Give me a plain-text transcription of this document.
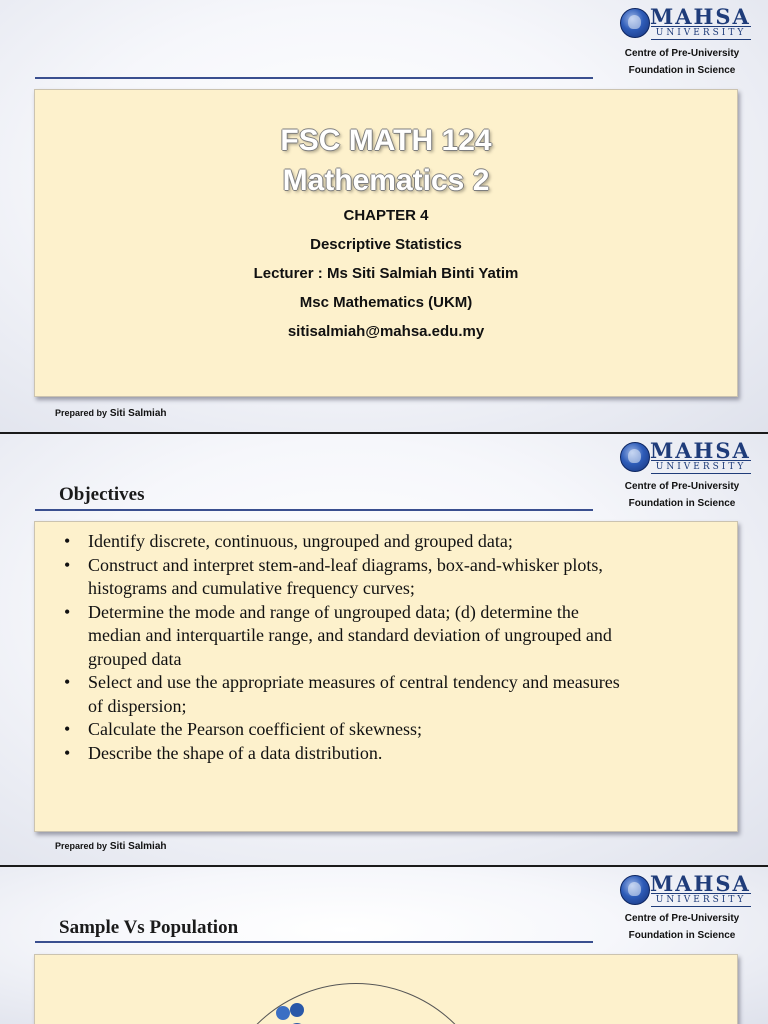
MAHSA
UNIVERSITY
Centre of Pre-University
Foundation in Science
FSC MATH 124
Mathematics 2
CHAPTER 4
Descriptive Statistics
Lecturer : Ms Siti Salmiah Binti Yatim
Msc Mathematics (UKM)
sitisalmiah@mahsa.edu.my
Prepared by Siti Salmiah
MAHSA
UNIVERSITY
Centre of Pre-University
Foundation in Science
Objectives
• Identify discrete, continuous, ungrouped and grouped data;
• Construct and interpret stem-and-leaf diagrams, box-and-whisker plots, histograms and cumulative frequency curves;
• Determine the mode and range of ungrouped data; (d) determine the median and interquartile range, and standard deviation of ungrouped and grouped data
• Select and use the appropriate measures of central tendency and measures of dispersion;
• Calculate the Pearson coefficient of skewness;
• Describe the shape of a data distribution.
Prepared by Siti Salmiah
MAHSA
UNIVERSITY
Centre of Pre-University
Foundation in Science
Sample Vs Population
